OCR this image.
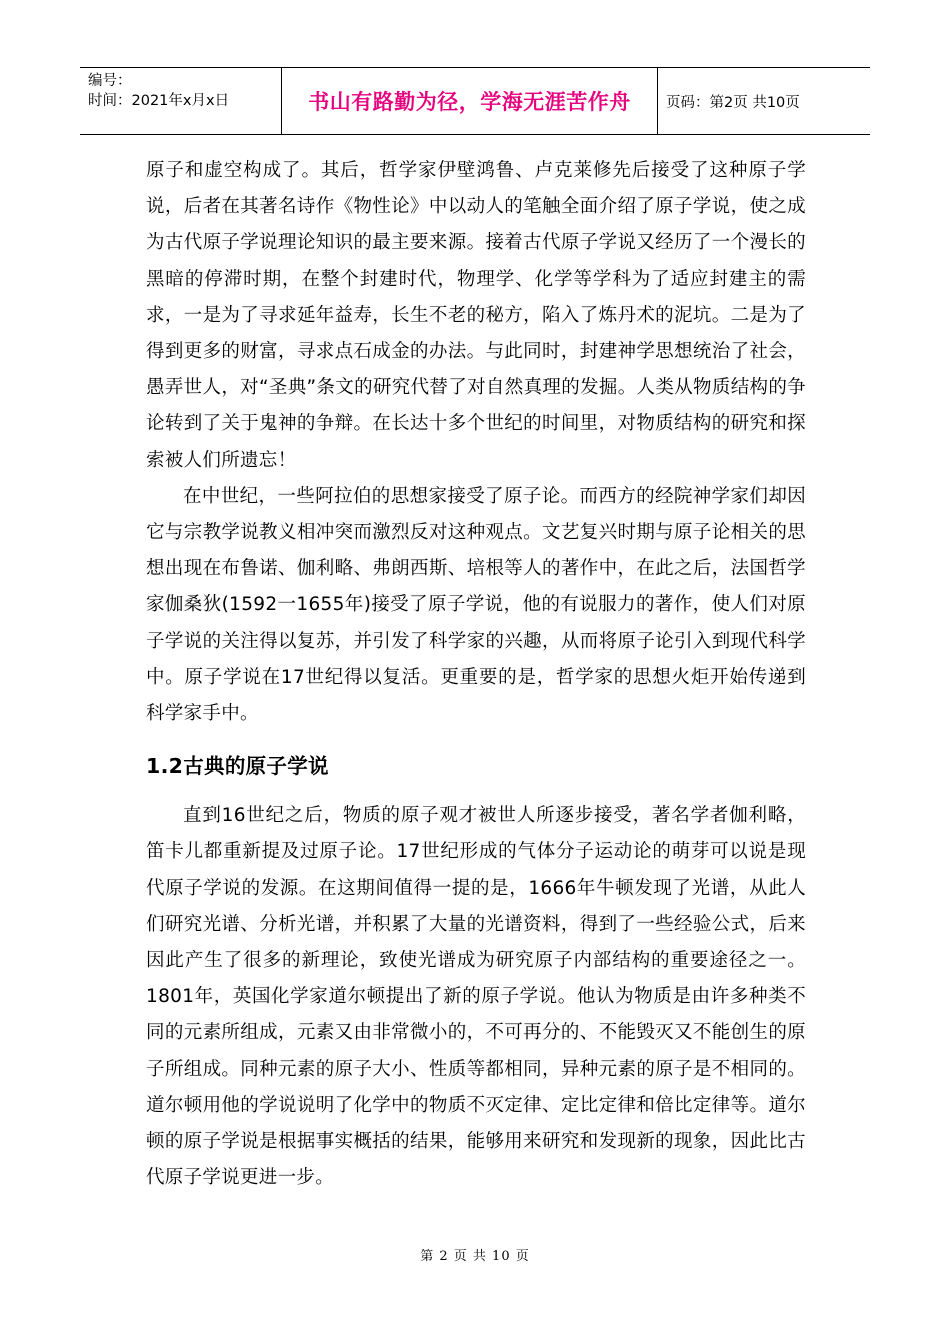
编号：
时间：2021年x月x日	书山有路勤为径，学海无涯苦作舟	页码：第2页 共10页

原子和虚空构成了。其后，哲学家伊壁鸿鲁、卢克莱修先后接受了这种原子学说，后者在其著名诗作《物性论》中以动人的笔触全面介绍了原子学说，使之成为古代原子学说理论知识的最主要来源。接着古代原子学说又经历了一个漫长的黑暗的停滞时期，在整个封建时代，物理学、化学等学科为了适应封建主的需求，一是为了寻求延年益寿，长生不老的秘方，陷入了炼丹术的泥坑。二是为了得到更多的财富，寻求点石成金的办法。与此同时，封建神学思想统治了社会，愚弄世人，对“圣典”条文的研究代替了对自然真理的发掘。人类从物质结构的争论转到了关于鬼神的争辩。在长达十多个世纪的时间里，对物质结构的研究和探索被人们所遗忘！

在中世纪，一些阿拉伯的思想家接受了原子论。而西方的经院神学家们却因它与宗教学说教义相冲突而激烈反对这种观点。文艺复兴时期与原子论相关的思想出现在布鲁诺、伽利略、弗朗西斯、培根等人的著作中，在此之后，法国哲学家伽桑狄(1592一1655年)接受了原子学说，他的有说服力的著作，使人们对原子学说的关注得以复苏，并引发了科学家的兴趣，从而将原子论引入到现代科学中。原子学说在17世纪得以复活。更重要的是，哲学家的思想火炬开始传递到科学家手中。

1.2古典的原子学说

直到16世纪之后，物质的原子观才被世人所逐步接受，著名学者伽利略，笛卡儿都重新提及过原子论。17世纪形成的气体分子运动论的萌芽可以说是现代原子学说的发源。在这期间值得一提的是，1666年牛顿发现了光谱，从此人们研究光谱、分析光谱，并积累了大量的光谱资料，得到了一些经验公式，后来因此产生了很多的新理论，致使光谱成为研究原子内部结构的重要途径之一。1801年，英国化学家道尔顿提出了新的原子学说。他认为物质是由许多种类不同的元素所组成，元素又由非常微小的，不可再分的、不能毁灭又不能创生的原子所组成。同种元素的原子大小、性质等都相同，异种元素的原子是不相同的。道尔顿用他的学说说明了化学中的物质不灭定律、定比定律和倍比定律等。道尔顿的原子学说是根据事实概括的结果，能够用来研究和发现新的现象，因此比古代原子学说更进一步。

第 2 页 共 10 页
